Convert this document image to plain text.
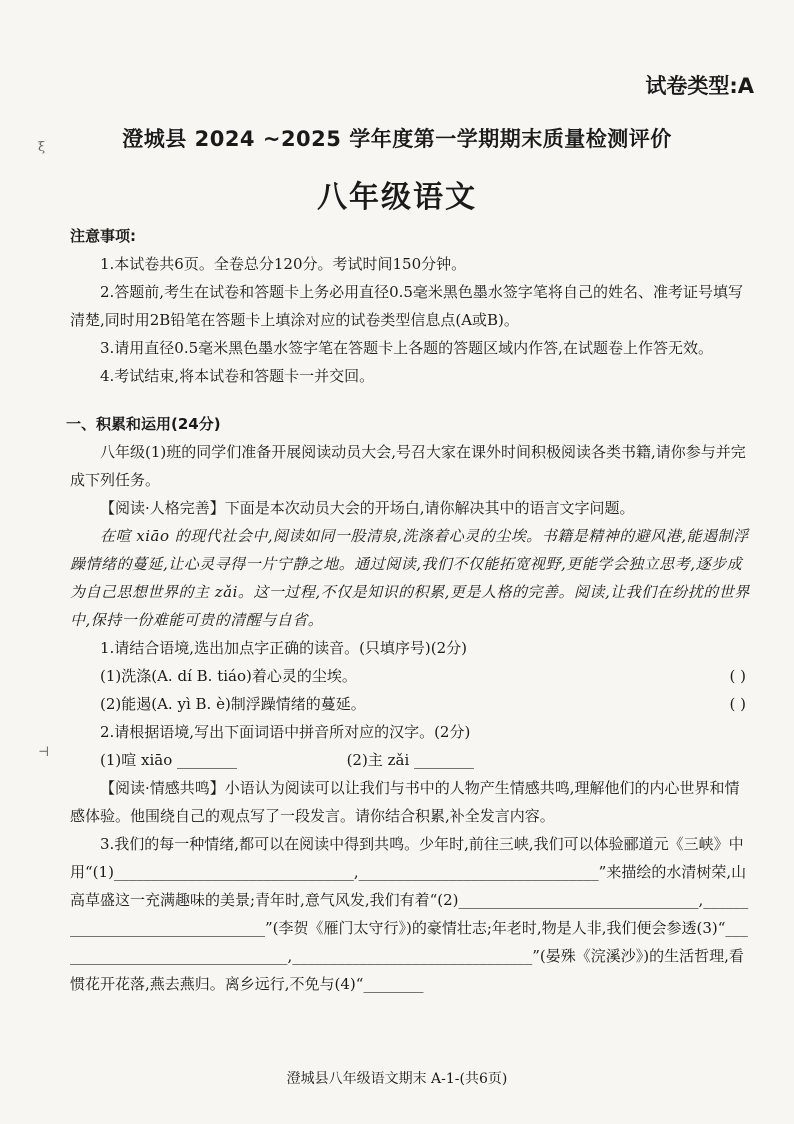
ξ
⊣
试卷类型:A
澄城县 2024 ~2025 学年度第一学期期末质量检测评价
八年级语文

注意事项:

1.本试卷共6页。全卷总分120分。考试时间150分钟。

2.答题前,考生在试卷和答题卡上务必用直径0.5毫米黑色墨水签字笔将自己的姓名、准考证号填写清楚,同时用2B铅笔在答题卡上填涂对应的试卷类型信息点(A或B)。

3.请用直径0.5毫米黑色墨水签字笔在答题卡上各题的答题区域内作答,在试题卷上作答无效。

4.考试结束,将本试卷和答题卡一并交回。

一、积累和运用(24分)

八年级(1)班的同学们准备开展阅读动员大会,号召大家在课外时间积极阅读各类书籍,请你参与并完成下列任务。

【阅读·人格完善】下面是本次动员大会的开场白,请你解决其中的语言文字问题。

在喧 xiāo 的现代社会中,阅读如同一股清泉,洗涤着心灵的尘埃。书籍是精神的避风港,能遏制浮躁情绪的蔓延,让心灵寻得一片宁静之地。通过阅读,我们不仅能拓宽视野,更能学会独立思考,逐步成为自己思想世界的主 zǎi。这一过程,不仅是知识的积累,更是人格的完善。阅读,让我们在纷扰的世界中,保持一份难能可贵的清醒与自省。

1.请结合语境,选出加点字正确的读音。(只填序号)(2分)

(1)洗涤(A. dí B. tiáo)着心灵的尘埃。	( )
(2)能遏(A. yì B. è)制浮躁情绪的蔓延。	( )

2.请根据语境,写出下面词语中拼音所对应的汉字。(2分)

(1)喧 xiāo ________	(2)主 zǎi ________

【阅读·情感共鸣】小语认为阅读可以让我们与书中的人物产生情感共鸣,理解他们的内心世界和情感体验。他围绕自己的观点写了一段发言。请你结合积累,补全发言内容。

3.我们的每一种情绪,都可以在阅读中得到共鸣。少年时,前往三峡,我们可以体验郦道元《三峡》中用“(1)________________________________,________________________________”来描绘的水清树荣,山高草盛这一充满趣味的美景;青年时,意气风发,我们有着“(2)________________________________,________________________________”(李贺《雁门太守行》)的豪情壮志;年老时,物是人非,我们便会参透(3)“________________________________,________________________________”(晏殊《浣溪沙》)的生活哲理,看惯花开花落,燕去燕归。离乡远行,不免与(4)“________

澄城县八年级语文期末 A-1-(共6页)
